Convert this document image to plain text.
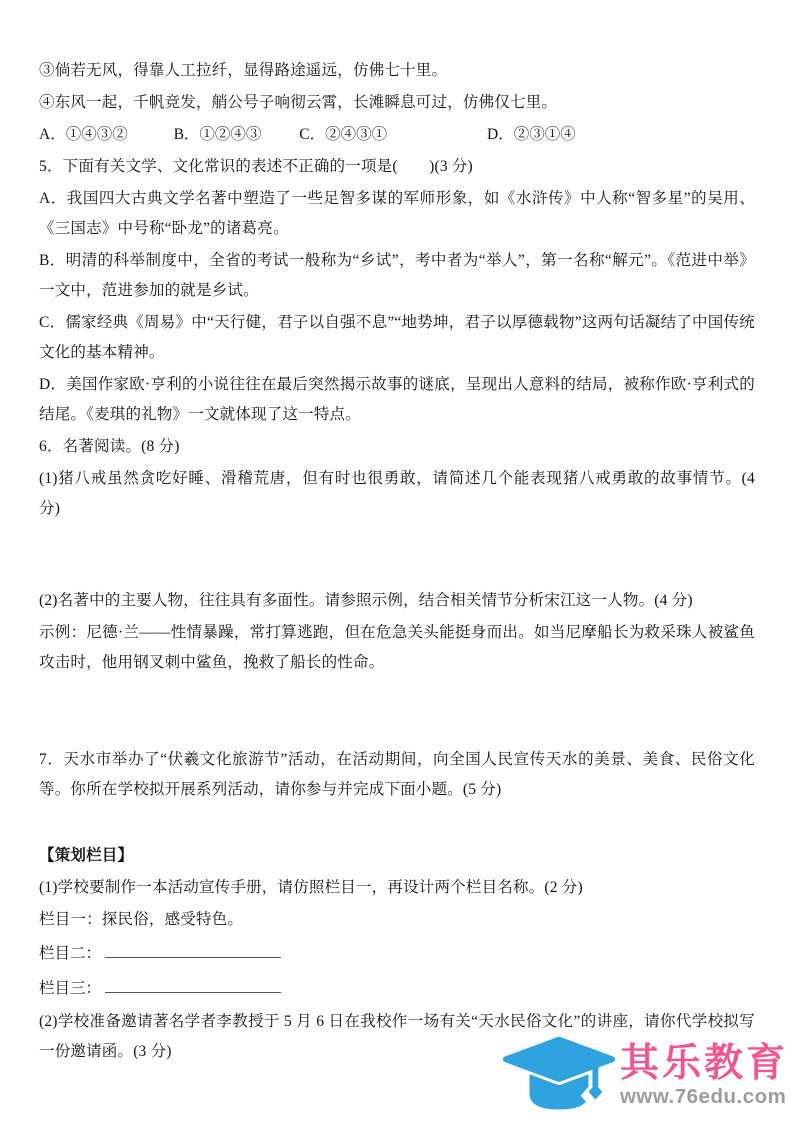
③倘若无风，得靠人工拉纤，显得路途遥远，仿佛七十里。

④东风一起，千帆竞发，艄公号子响彻云霄，长滩瞬息可过，仿佛仅七里。

A．①④③②	B．①②④③ C．②④③①	D．②③①④

5．下面有关文学、文化常识的表述不正确的一项是(　　)(3 分)

A．我国四大古典文学名著中塑造了一些足智多谋的军师形象，如《水浒传》中人称“智多星”的吴用、《三国志》中号称“卧龙”的诸葛亮。

B．明清的科举制度中，全省的考试一般称为“乡试”，考中者为“举人”，第一名称“解元”。《范进中举》一文中，范进参加的就是乡试。

C．儒家经典《周易》中“天行健，君子以自强不息”“地势坤，君子以厚德载物”这两句话凝结了中国传统文化的基本精神。

D．美国作家欧·亨利的小说往往在最后突然揭示故事的谜底，呈现出人意料的结局，被称作欧·亨利式的结尾。《麦琪的礼物》一文就体现了这一特点。

6．名著阅读。(8 分)

(1)猪八戒虽然贪吃好睡、滑稽荒唐，但有时也很勇敢，请简述几个能表现猪八戒勇敢的故事情节。(4 分)

(2)名著中的主要人物，往往具有多面性。请参照示例，结合相关情节分析宋江这一人物。(4 分)

示例：尼德·兰——性情暴躁，常打算逃跑，但在危急关头能挺身而出。如当尼摩船长为救采珠人被鲨鱼攻击时，他用钢叉刺中鲨鱼，挽救了船长的性命。

7．天水市举办了“伏羲文化旅游节”活动，在活动期间，向全国人民宣传天水的美景、美食、民俗文化等。你所在学校拟开展系列活动，请你参与并完成下面小题。(5 分)

【策划栏目】

(1)学校要制作一本活动宣传手册，请仿照栏目一，再设计两个栏目名称。(2 分)

栏目一：探民俗，感受特色。

栏目二：

栏目三：

(2)学校准备邀请著名学者李教授于 5 月 6 日在我校作一场有关“天水民俗文化”的讲座，请你代学校拟写一份邀请函。(3 分)	其乐教育
www.76edu.com
